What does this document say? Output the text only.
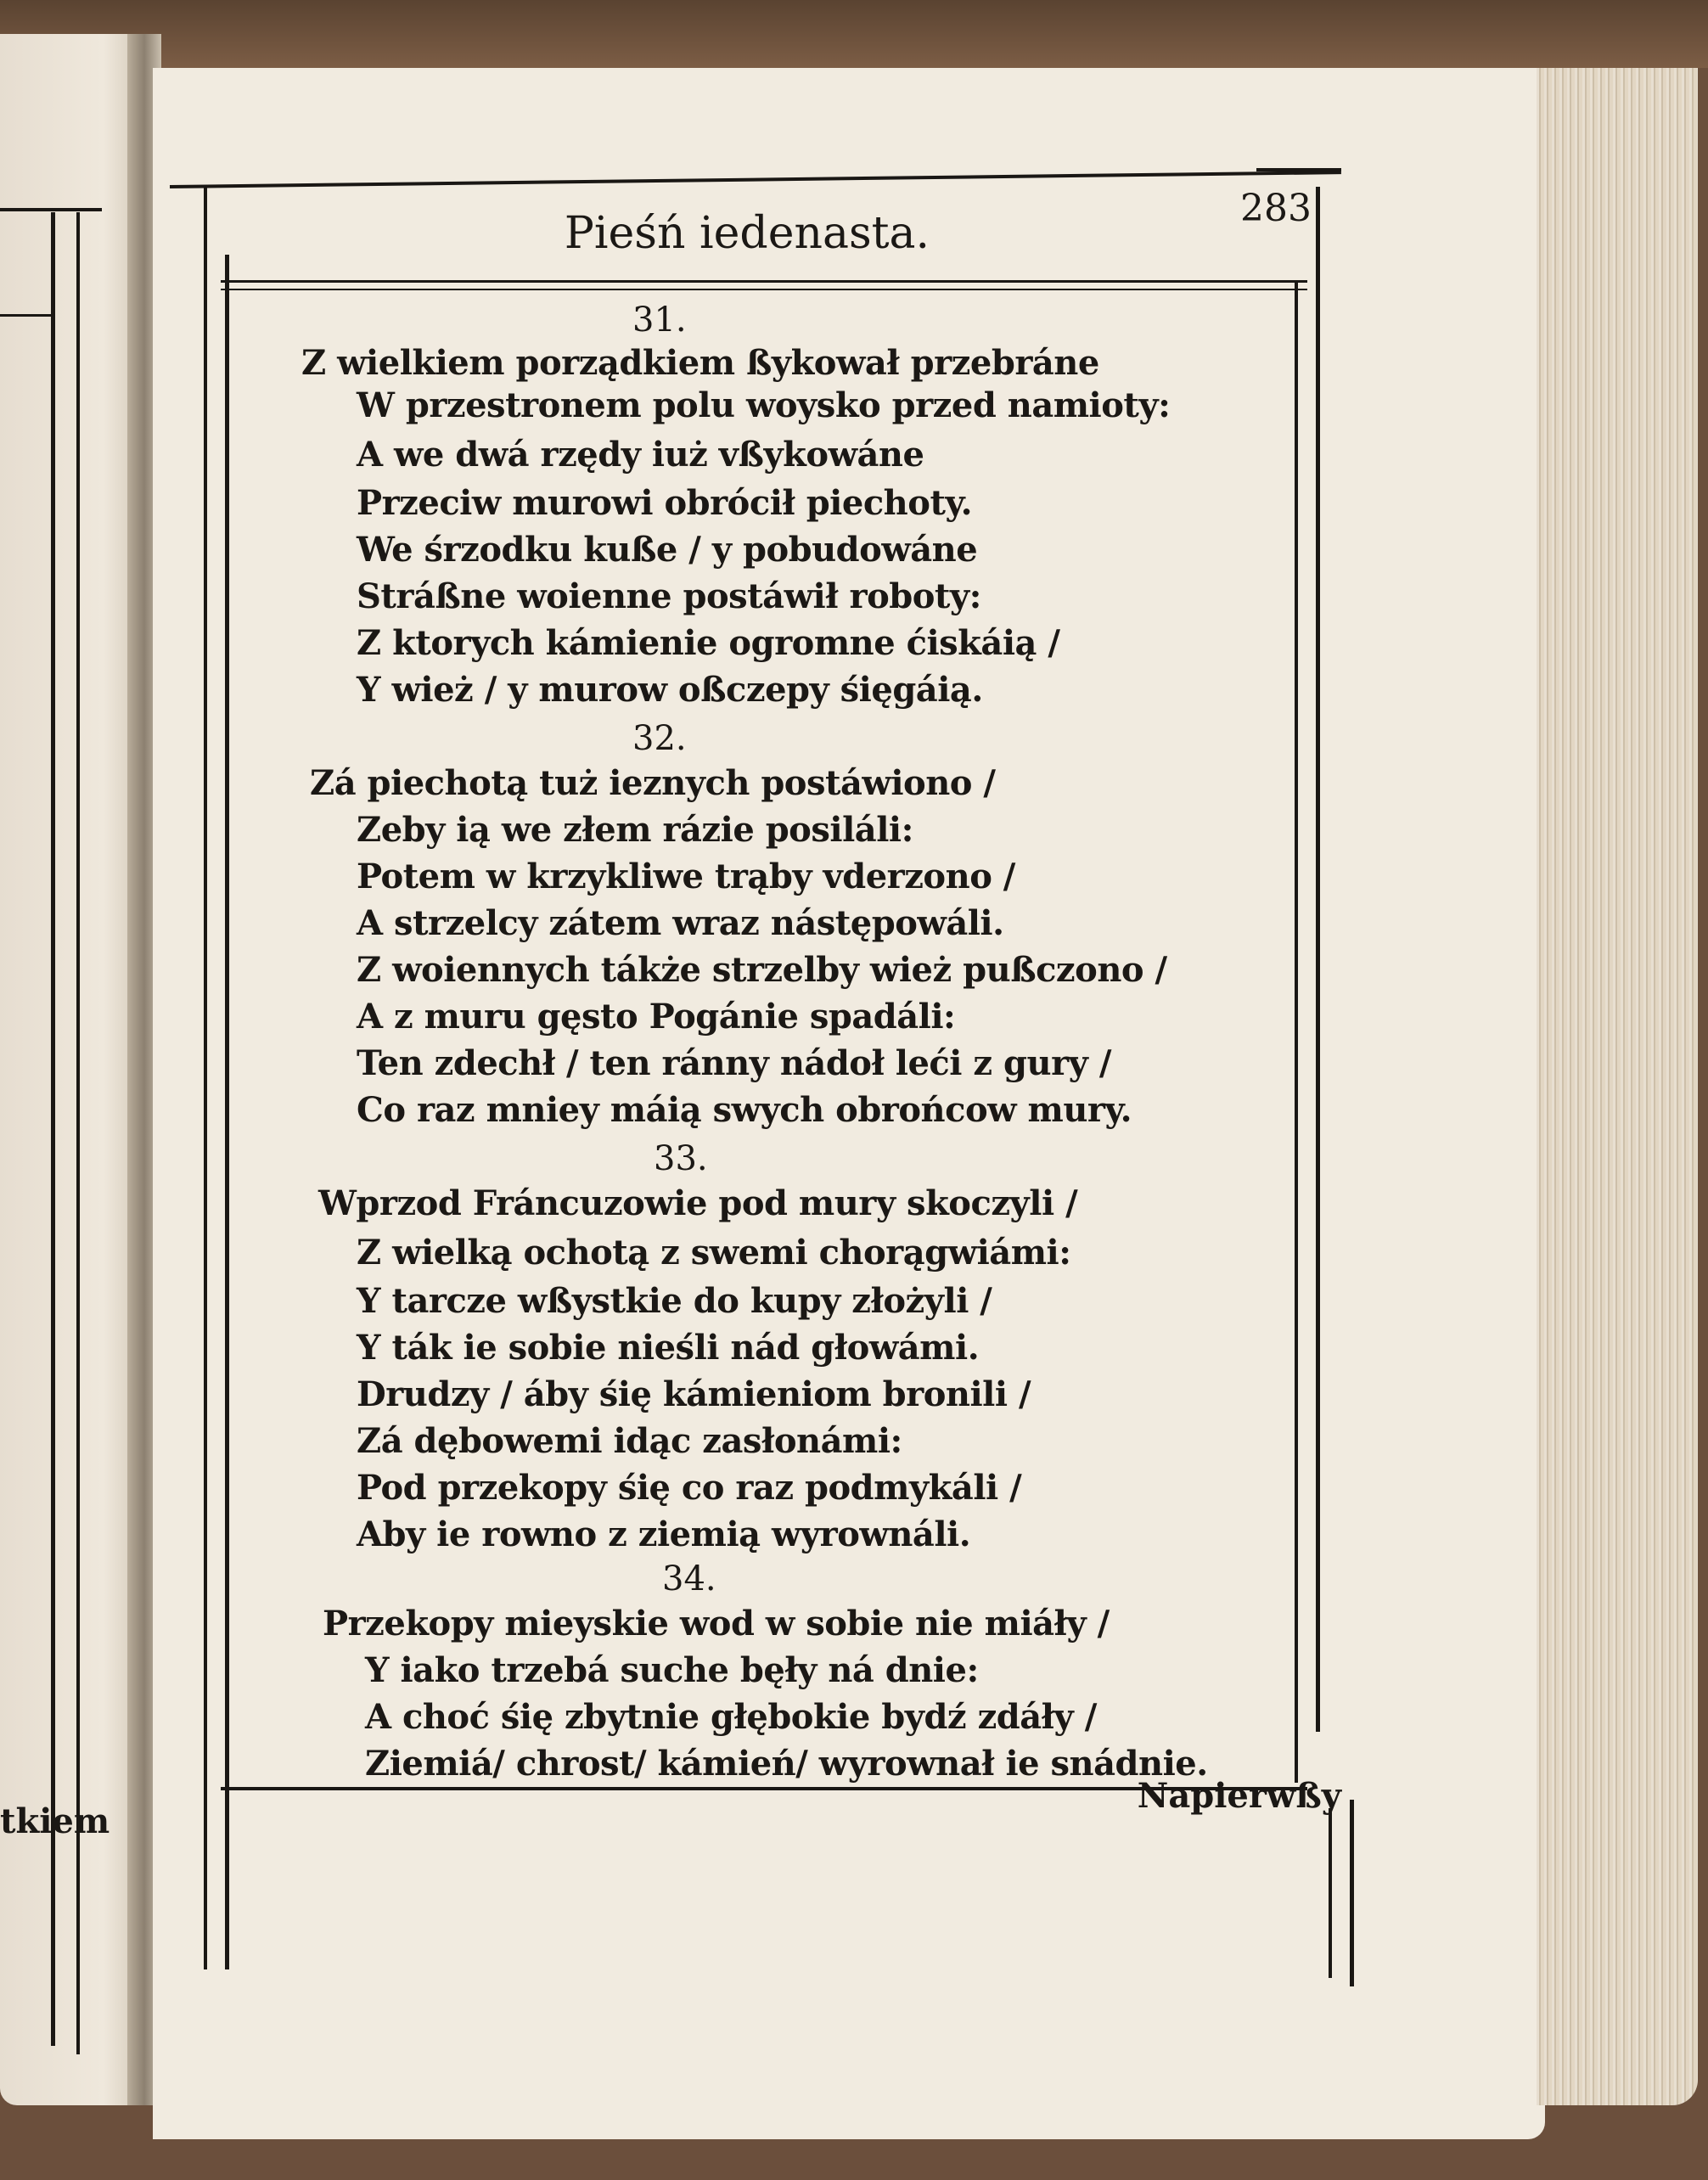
tkiem
Pieśń iedenasta.	283
31.
Z wielkiem porządkiem ßykował przebráne
W przestronem polu woysko przed namioty:
A we dwá rzędy iuż vßykowáne
Przeciw murowi obrócił piechoty.
We śrzodku kuße / y pobudowáne
Stráßne woienne postáwił roboty:
Z ktorych kámienie ogromne ćiskáią /
Y wież / y murow oßczepy śięgáią.
32.
Zá piechotą tuż ieznych postáwiono /
Zeby ią we złem rázie posiláli:
Potem w krzykliwe trąby vderzono /
A strzelcy zátem wraz nástępowáli.
Z woiennych tákże strzelby wież pußczono /
A z muru gęsto Pogánie spadáli:
Ten zdechł / ten ránny nádoł leći z gury /
Co raz mniey máią swych obrońcow mury.
33.
Wprzod Fráncuzowie pod mury skoczyli /
Z wielką ochotą z swemi chorągwiámi:
Y tarcze wßystkie do kupy złożyli /
Y ták ie sobie nieśli nád głowámi.
Drudzy / áby śię kámieniom bronili /
Zá dębowemi idąc zasłonámi:
Pod przekopy śię co raz podmykáli /
Aby ie rowno z ziemią wyrownáli.
34.
Przekopy mieyskie wod w sobie nie miáły /
Y iako trzebá suche bęły ná dnie:
A choć śię zbytnie głębokie bydź zdáły /
Ziemiá/ chrost/ kámień/ wyrownał ie snádnie.
Napierwßy
